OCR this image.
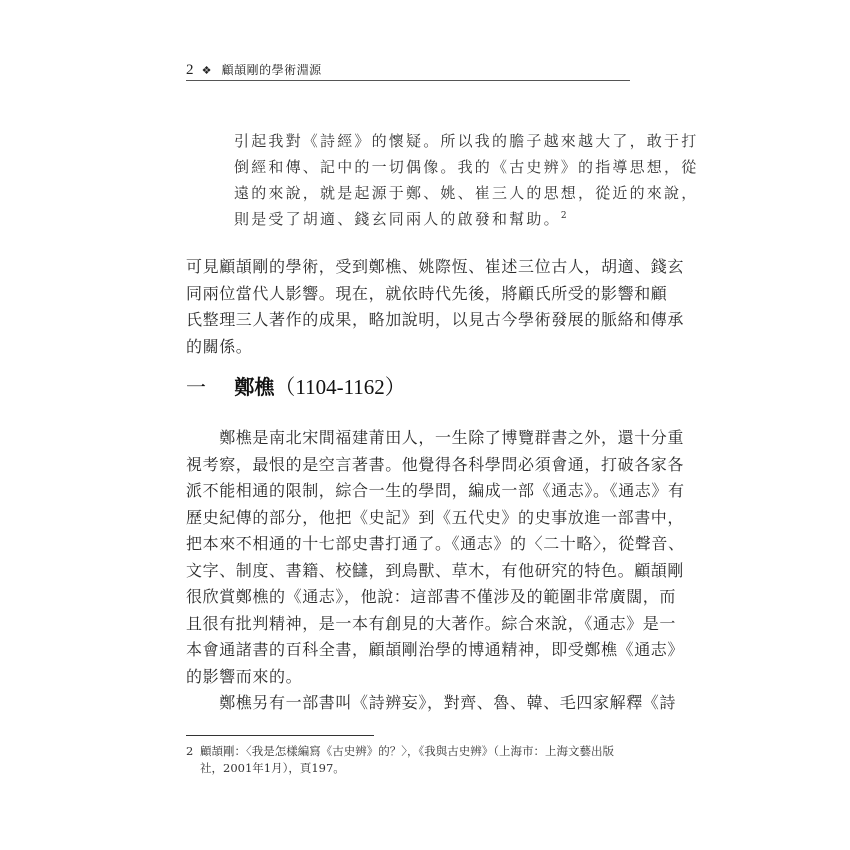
2 ❖ 顧頡剛的學術淵源
引起我對《詩經》的懷疑。所以我的膽子越來越大了，敢于打
倒經和傳、記中的一切偶像。我的《古史辨》的指導思想，從
遠的來說，就是起源于鄭、姚、崔三人的思想，從近的來說，
則是受了胡適、錢玄同兩人的啟發和幫助。$^2$
可見顧頡剛的學術，受到鄭樵、姚際恆、崔述三位古人，胡適、錢玄
同兩位當代人影響。現在，就依時代先後，將顧氏所受的影響和顧
氏整理三人著作的成果，略加說明，以見古今學術發展的脈絡和傳承
的關係。
一 鄭樵（1104-1162）
　　鄭樵是南北宋間福建莆田人，一生除了博覽群書之外，還十分重
視考察，最恨的是空言著書。他覺得各科學問必須會通，打破各家各
派不能相通的限制，綜合一生的學問，編成一部《通志》。《通志》有
歷史紀傳的部分，他把《史記》到《五代史》的史事放進一部書中，
把本來不相通的十七部史書打通了。《通志》的〈二十略〉，從聲音、
文字、制度、書籍、校讎，到鳥獸、草木，有他研究的特色。顧頡剛
很欣賞鄭樵的《通志》，他說：這部書不僅涉及的範圍非常廣闊，而
且很有批判精神，是一本有創見的大著作。綜合來說，《通志》是一
本會通諸書的百科全書，顧頡剛治學的博通精神，即受鄭樵《通志》
的影響而來的。
　　鄭樵另有一部書叫《詩辨妄》，對齊、魯、韓、毛四家解釋《詩
2 顧頡剛：〈我是怎樣編寫《古史辨》的？〉，《我與古史辨》（上海市：上海文藝出版
社，2001年1月），頁197。
